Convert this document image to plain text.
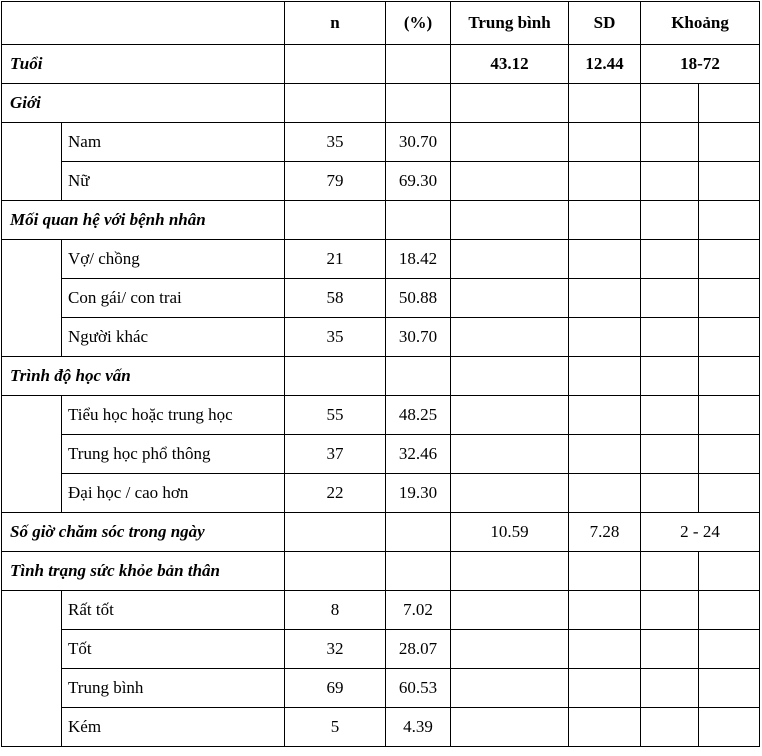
		n	(%)	Trung bình	SD	Khoảng	
Tuổi				43.12	12.44	18-72	
Giới							
	Nam	35	30.70				
	Nữ	79	69.30				
Mối quan hệ với bệnh nhân							
	Vợ/ chồng	21	18.42				
	Con gái/ con trai	58	50.88				
	Người khác	35	30.70				
Trình độ học vấn							
	Tiểu học hoặc trung học	55	48.25				
	Trung học phổ thông	37	32.46				
	Đại học / cao hơn	22	19.30				
Số giờ chăm sóc trong ngày				10.59	7.28	2 - 24	
Tình trạng sức khỏe bản thân							
	Rất tốt	8	7.02				
	Tốt	32	28.07				
	Trung bình	69	60.53				
	Kém	5	4.39				
